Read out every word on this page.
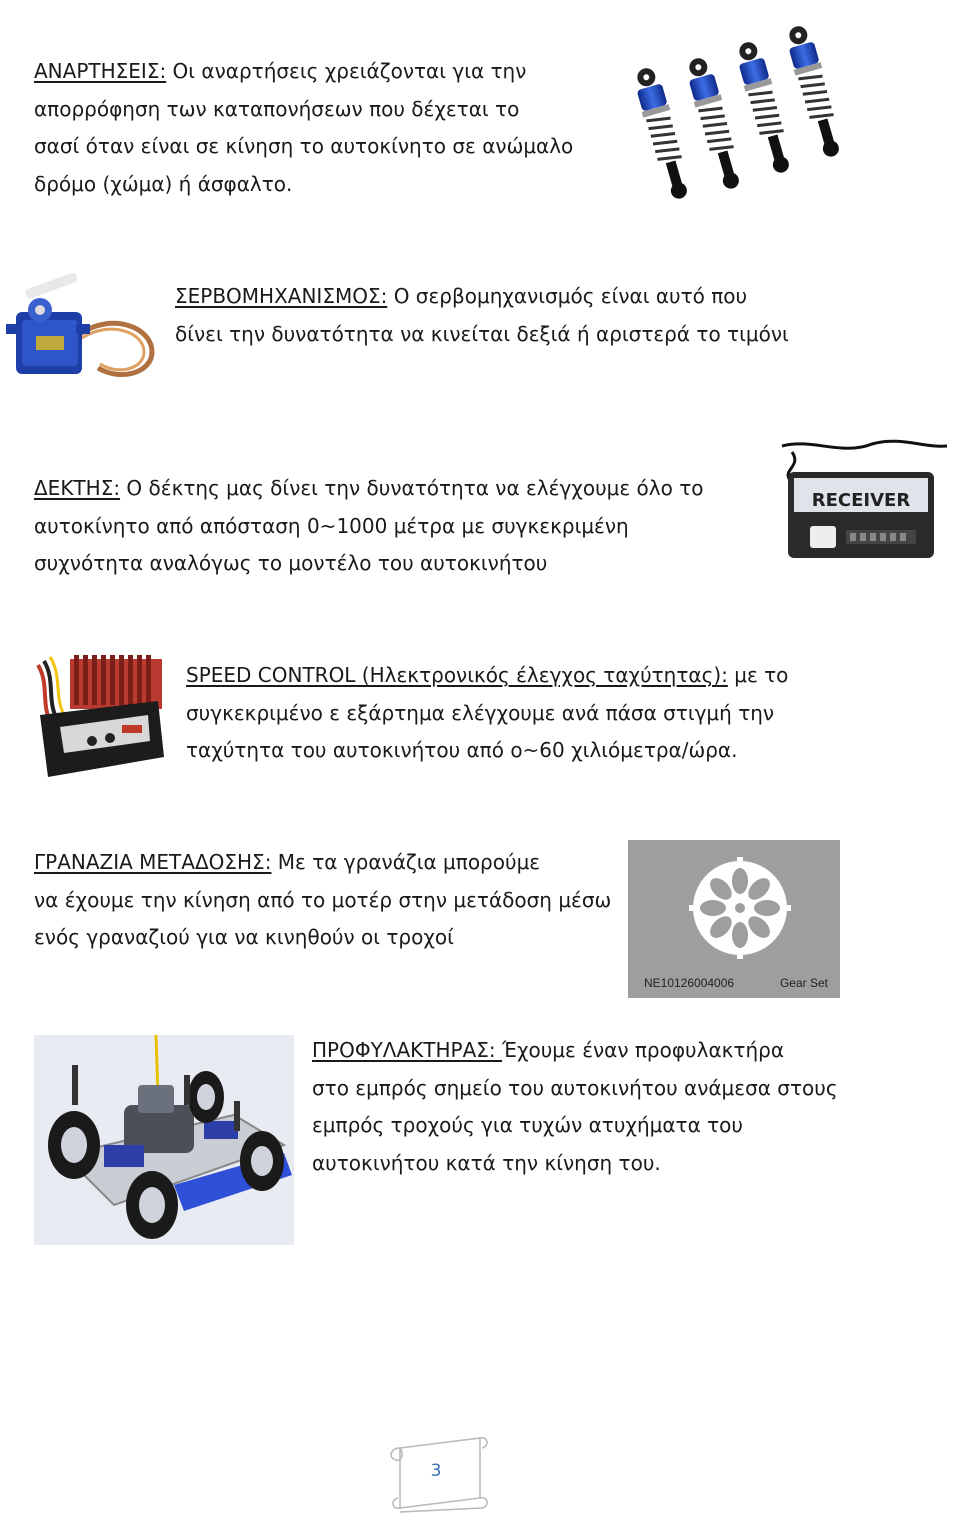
ΑΝΑΡΤΗΣΕΙΣ: Οι αναρτήσεις χρειάζονται για την
απορρόφηση των καταπονήσεων που δέχεται το
σασί όταν είναι σε κίνηση το αυτοκίνητο σε ανώμαλο
δρόμο (χώμα) ή άσφαλτο.

ΣΕΡΒΟΜΗΧΑΝΙΣΜΟΣ: Ο σερβομηχανισμός είναι αυτό που
δίνει την δυνατότητα να κινείται δεξιά ή αριστερά το τιμόνι

ΔΕΚΤΗΣ: Ο δέκτης μας δίνει την δυνατότητα να ελέγχουμε όλο το
αυτοκίνητο από απόσταση 0~1000 μέτρα με συγκεκριμένη
συχνότητα αναλόγως το μοντέλο του αυτοκινήτου

RECEIVER

SPEED CONTROL (Ηλεκτρονικός έλεγχος ταχύτητας): με το
συγκεκριμένο ε εξάρτημα ελέγχουμε ανά πάσα στιγμή την
ταχύτητα του αυτοκινήτου από ο~60 χιλιόμετρα/ώρα.

ΓΡΑΝΑΖΙΑ ΜΕΤΑΔΟΣΗΣ: Με τα γρανάζια μπορούμε
να έχουμε την κίνηση από το μοτέρ στην μετάδοση μέσω
ενός γραναζιού για να κινηθούν οι τροχοί

NE10126004006	Gear Set

ΠΡΟΦΥΛΑΚΤΗΡΑΣ: Έχουμε έναν προφυλακτήρα
στο εμπρός σημείο του αυτοκινήτου ανάμεσα στους
εμπρός τροχούς για τυχών ατυχήματα του
αυτοκινήτου κατά την κίνηση του.

3
